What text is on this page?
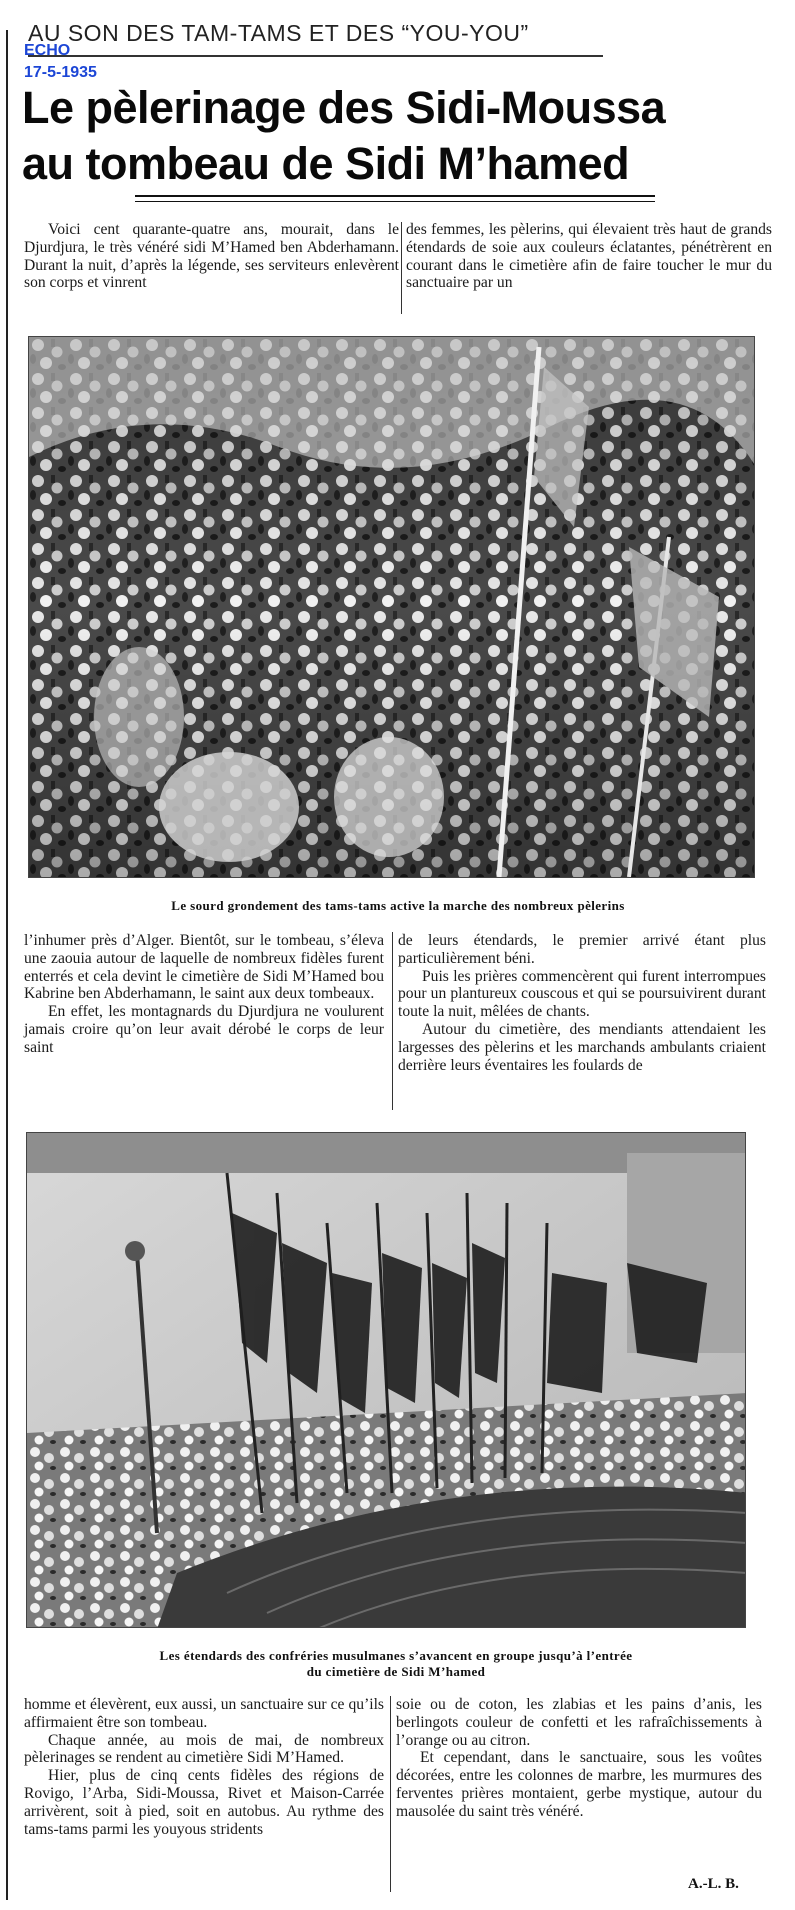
AU SON DES TAM-TAMS ET DES “YOU-YOU”
ECHO
17-5-1935
Le pèlerinage des Sidi-Moussa
au tombeau de Sidi M’hamed

Voici cent quarante-quatre ans, mourait, dans le Djurdjura, le très vénéré sidi M’Hamed ben Abderhamann. Durant la nuit, d’après la légende, ses serviteurs enlevèrent son corps et vinrent

des femmes, les pèlerins, qui élevaient très haut de grands étendards de soie aux couleurs éclatantes, pénétrèrent en courant dans le cimetière afin de faire toucher le mur du sanctuaire par un

Le sourd grondement des tams-tams active la marche des nombreux pèlerins

l’inhumer près d’Alger. Bientôt, sur le tombeau, s’éleva une zaouia autour de laquelle de nombreux fidèles furent enterrés et cela devint le cimetière de Sidi M’Hamed bou Kabrine ben Abderhamann, le saint aux deux tombeaux.

En effet, les montagnards du Djurdjura ne voulurent jamais croire qu’on leur avait dérobé le corps de leur saint

de leurs étendards, le premier arrivé étant plus particulièrement béni.

Puis les prières commencèrent qui furent interrompues pour un plantureux couscous et qui se poursuivirent durant toute la nuit, mêlées de chants.

Autour du cimetière, des mendiants attendaient les largesses des pèlerins et les marchands ambulants criaient derrière leurs éventaires les foulards de

Les étendards des confréries musulmanes s’avancent en groupe jusqu’à l’entrée
du cimetière de Sidi M’hamed

homme et élevèrent, eux aussi, un sanctuaire sur ce qu’ils affirmaient être son tombeau.

Chaque année, au mois de mai, de nombreux pèlerinages se rendent au cimetière Sidi M’Hamed.

Hier, plus de cinq cents fidèles des régions de Rovigo, l’Arba, Sidi-Moussa, Rivet et Maison-Carrée arrivèrent, soit à pied, soit en autobus. Au rythme des tams-tams parmi les youyous stridents

soie ou de coton, les zlabias et les pains d’anis, les berlingots couleur de confetti et les rafraîchissements à l’orange ou au citron.

Et cependant, dans le sanctuaire, sous les voûtes décorées, entre les colonnes de marbre, les murmures des ferventes prières montaient, gerbe mystique, autour du mausolée du saint très vénéré.

A.-L. B.
